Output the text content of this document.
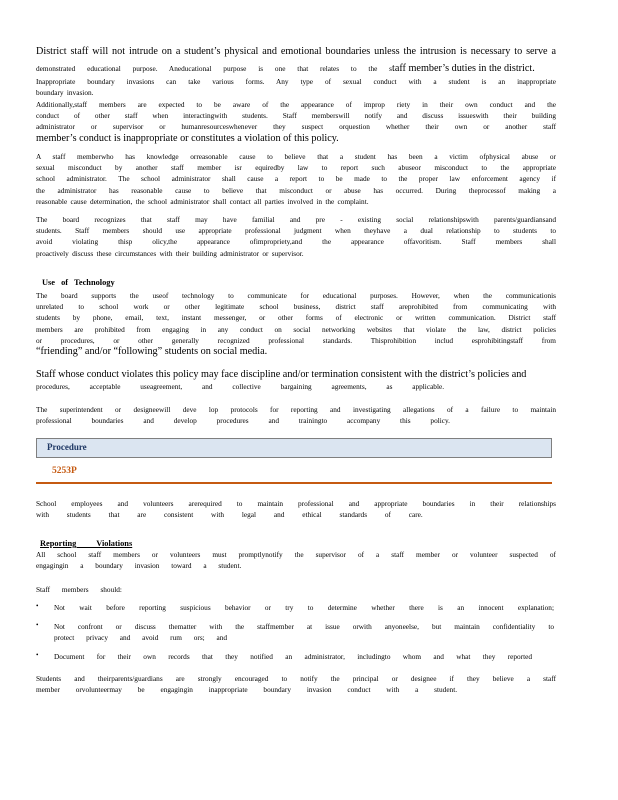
District staff will not intrude on a student’s physical and emotional boundaries unless the intrusion is necessary to serve a
demonstrated educational purpose. Aneducational purpose is one that relates to the staff member’s duties in the district.
Inappropriate boundary invasions can take various forms. Any type of sexual conduct with a student is an inappropriate
boundary invasion.
Additionally,staff members are expected to be aware of the appearance of improp riety in their own conduct and the
conduct of other staff when interactingwith students. Staff memberswill notify and discuss issueswith their building
administrator or supervisor or humanresourceswhenever they suspect orquestion whether their own or another staff
member’s conduct is inappropriate or constitutes a violation of this policy.
A staff memberwho has knowledge orreasonable cause to believe that a student has been a victim ofphysical abuse or
sexual misconduct by another staff member isr equiredby law to report such abuseor misconduct to the appropriate
school administrator. The school administrator shall cause a report to be made to the proper law enforcement agency if
the administrator has reasonable cause to believe that misconduct or abuse has occurred. During theprocessof making a
reasonable cause determination, the school administrator shall contact all parties involved in the complaint.
The board recognizes that staff may have familial and pre - existing social relationshipswith parents/guardiansand
students. Staff members should use appropriate professional judgment when theyhave a dual relationship to students to
avoid violating thisp olicy,the appearance ofimpropriety,and the appearance offavoritism. Staff members shall
proactively discuss these circumstances with their building administrator or supervisor.
Use of Technology
The board supports the useof technology to communicate for educational purposes. However, when the communicationis
unrelated to school work or other legitimate school business, district staff areprohibited from communicating with
students by phone, email, text, instant messenger, or other forms of electronic or written communication. District staff
members are prohibited from engaging in any conduct on social networking websites that violate the law, district policies
or procedures, or other generally recognized professional standards. Thisprohibition includ esprohibitingstaff from
“friending” and/or “following” students on social media.
Staff whose conduct violates this policy may face discipline and/or termination consistent with the district’s policies and
procedures, acceptable useagreement, and collective bargaining agreements, as applicable.
The superintendent or designeewill deve lop protocols for reporting and investigating allegations of a failure to maintain
professional boundaries and develop procedures and trainingto accompany this policy.
Procedure
5253P
School employees and volunteers arerequired to maintain professional and appropriate boundaries in their relationships
with students that are consistent with legal and ethical standards of care.
Reporting Violations
All school staff members or volunteers must promptlynotify the supervisor of a staff member or volunteer suspected of
engagingin a boundary invasion toward a student.
Staff members should:
• Not wait before reporting suspicious behavior or try to determine whether there is an innocent explanation;
• Not confront or discuss thematter with the staffmember at issue orwith anyoneelse, but maintain confidentiality to
protect privacy and avoid rum ors; and
• Document for their own records that they notified an administrator, includingto whom and what they reported
Students and theirparents/guardians are strongly encouraged to notify the principal or designee if they believe a staff
member orvolunteermay be engagingin inappropriate boundary invasion conduct with a student.
